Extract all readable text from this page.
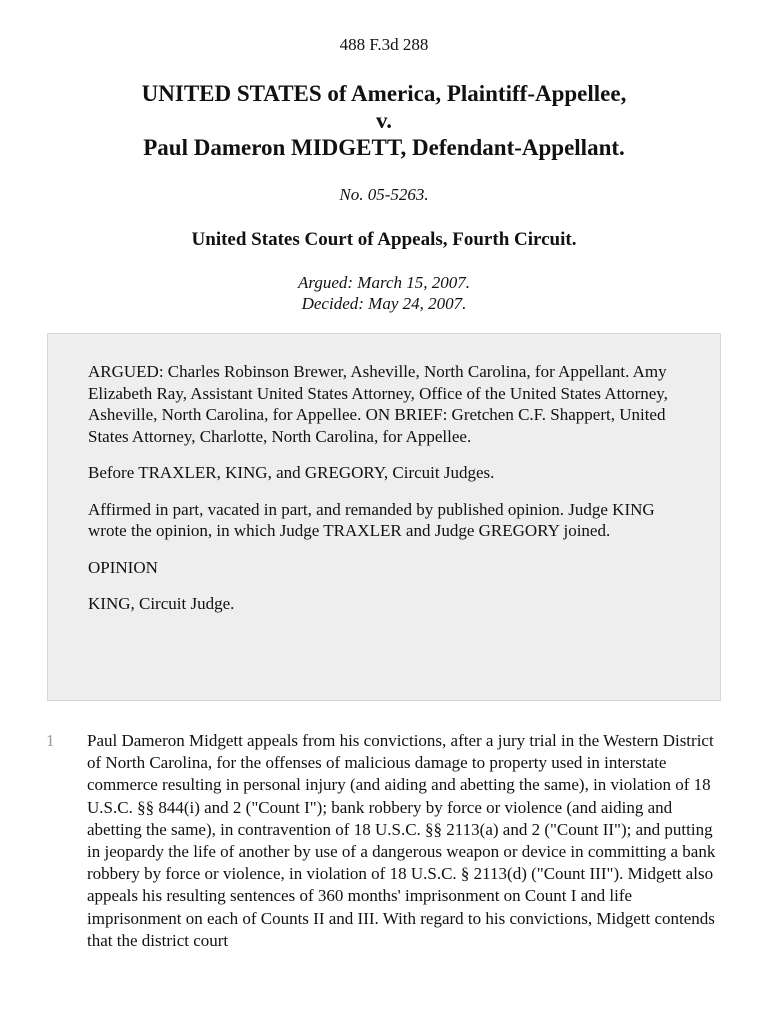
488 F.3d 288
UNITED STATES of America, Plaintiff-Appellee,
v.
Paul Dameron MIDGETT, Defendant-Appellant.
No. 05-5263.
United States Court of Appeals, Fourth Circuit.
Argued: March 15, 2007.
Decided: May 24, 2007.

ARGUED: Charles Robinson Brewer, Asheville, North Carolina, for Appellant. Amy Elizabeth Ray, Assistant United States Attorney, Office of the United States Attorney, Asheville, North Carolina, for Appellee. ON BRIEF: Gretchen C.F. Shappert, United States Attorney, Charlotte, North Carolina, for Appellee.

Before TRAXLER, KING, and GREGORY, Circuit Judges.

Affirmed in part, vacated in part, and remanded by published opinion. Judge KING wrote the opinion, in which Judge TRAXLER and Judge GREGORY joined.

OPINION

KING, Circuit Judge.

1 Paul Dameron Midgett appeals from his convictions, after a jury trial in the Western District of North Carolina, for the offenses of malicious damage to property used in interstate commerce resulting in personal injury (and aiding and abetting the same), in violation of 18 U.S.C. §§ 844(i) and 2 ("Count I"); bank robbery by force or violence (and aiding and abetting the same), in contravention of 18 U.S.C. §§ 2113(a) and 2 ("Count II"); and putting in jeopardy the life of another by use of a dangerous weapon or device in committing a bank robbery by force or violence, in violation of 18 U.S.C. § 2113(d) ("Count III"). Midgett also appeals his resulting sentences of 360 months' imprisonment on Count I and life imprisonment on each of Counts II and III. With regard to his convictions, Midgett contends that the district court
